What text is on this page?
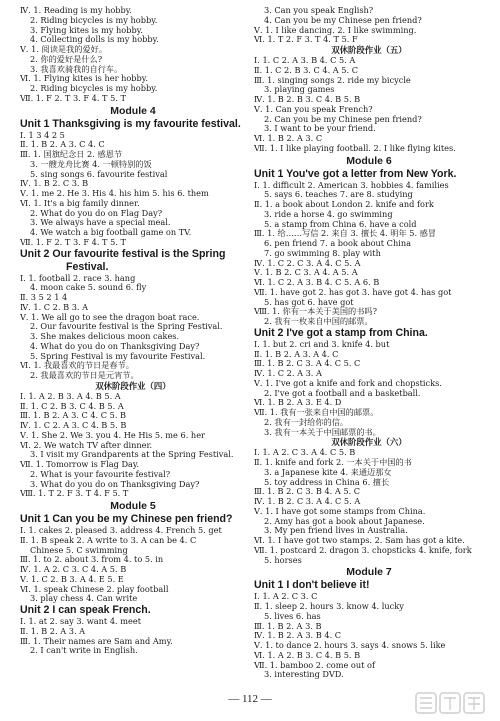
Ⅳ. 1. Reading is my hobby.
2. Riding bicycles is my hobby.
3. Flying kites is my hobby.
4. Collecting dolls is my hobby.
Ⅴ. 1. 阅读是我的爱好。
2. 你的爱好是什么?
3. 我喜欢骑我的自行车。
Ⅵ. 1. Flying kites is her hobby.
2. Riding bicycles is my hobby.
Ⅶ. 1. F 2. T 3. F 4. T 5. T
Module 4
Unit 1 Thanksgiving is my favourite festival.
Ⅰ. 1 3 4 2 5
Ⅱ. 1. B 2. A 3. C 4. C
Ⅲ. 1. 国旗纪念日 2. 感恩节
3. 一艘龙舟比赛 4. 一顿特别的饭
5. sing songs 6. favourite festival
Ⅳ. 1. B 2. C 3. B
Ⅴ. 1. me 2. He 3. His 4. his him 5. his 6. them
Ⅵ. 1. It's a big family dinner.
2. What do you do on Flag Day?
3. We always have a special meal.
4. We watch a big football game on TV.
Ⅶ. 1. F 2. T 3. F 4. T 5. T
Unit 2 Our favourite festival is the Spring
Festival.
Ⅰ. 1. football 2. race 3. hang
4. moon cake 5. sound 6. fly
Ⅱ. 3 5 2 1 4
Ⅳ. 1. C 2. B 3. A
Ⅴ. 1. We all go to see the dragon boat race.
2. Our favourite festival is the Spring Festival.
3. She makes delicious moon cakes.
4. What do you do on Thanksgiving Day?
5. Spring Festival is my favourite Festival.
Ⅵ. 1. 我最喜欢的节日是春节。
2. 我最喜欢的节日是元宵节。
双休阶段作业（四）
Ⅰ. 1. A 2. B 3. A 4. B 5. A
Ⅱ. 1. C 2. B 3. C 4. B 5. A
Ⅲ. 1. B 2. A 3. C 4. C 5. B
Ⅳ. 1. C 2. A 3. C 4. B 5. B
Ⅴ. 1. She 2. We 3. you 4. He His 5. me 6. her
Ⅵ. 2. We watch TV after dinner.
3. I visit my Grandparents at the Spring Festival.
Ⅶ. 1. Tomorrow is Flag Day.
2. What is your favourite festival?
3. What do you do on Thanksgiving Day?
Ⅷ. 1. T 2. F 3. T 4. F 5. T
Module 5
Unit 1 Can you be my Chinese pen friend?
Ⅰ. 1. cakes 2. pleased 3. address 4. French 5. get
Ⅱ. 1. B speak 2. A write to 3. A can be 4. C
Chinese 5. C swimming
Ⅲ. 1. to 2. about 3. from 4. to 5. in
Ⅳ. 1. A 2. C 3. C 4. A 5. B
Ⅴ. 1. C 2. B 3. A 4. E 5. E
Ⅵ. 1. speak Chinese 2. play football
3. play chess 4. Can write
Unit 2 I can speak French.
Ⅰ. 1. at 2. say 3. want 4. meet
Ⅱ. 1. B 2. A 3. A
Ⅲ. 1. Their names are Sam and Amy.
2. I can't write in English.
3. Can you speak English?
4. Can you be my Chinese pen friend?
Ⅴ. 1. I like dancing. 2. I like swimming.
Ⅵ. 1. T 2. F 3. T 4. T 5. F
双休阶段作业（五）
Ⅰ. 1. C 2. A 3. B 4. C 5. A
Ⅱ. 1. C 2. B 3. C 4. A 5. C
Ⅲ. 1. singing songs 2. ride my bicycle
3. playing games
Ⅳ. 1. B 2. B 3. C 4. B 5. B
Ⅴ. 1. Can you speak French?
2. Can you be my Chinese pen friend?
3. I want to be your friend.
Ⅵ. 1. B 2. A 3. C
Ⅶ. 1. I like playing football. 2. I like flying kites.
Module 6
Unit 1 You've got a letter from New York.
Ⅰ. 1. difficult 2. American 3. hobbies 4. families
5. says 6. teaches 7. are 8. studying
Ⅱ. 1. a book about London 2. knife and fork
3. ride a horse 4. go swimming
5. a stamp from China 6. have a cold
Ⅲ. 1. 给……写信 2. 来自 3. 擅长 4. 明年 5. 感冒
6. pen friend 7. a book about China
7. go swimming 8. play with
Ⅳ. 1. C 2. C 3. A 4. C 5. A
Ⅴ. 1. B 2. C 3. A 4. A 5. A
Ⅵ. 1. C 2. A 3. B 4. C 5. A 6. B
Ⅶ. 1. have got 2. has got 3. have got 4. has got
5. has got 6. have got
Ⅷ. 1. 你有一本关于美国的书吗?
2. 我有一枚来自中国的邮票。
Unit 2 I've got a stamp from China.
Ⅰ. 1. but 2. cri and 3. knife 4. but
Ⅱ. 1. B 2. A 3. A 4. C
Ⅲ. 1. B 2. C 3. A 4. C 5. C
Ⅳ. 1. C 2. A 3. A
Ⅴ. 1. I've got a knife and fork and chopsticks.
2. I've got a football and a basketball.
Ⅵ. 1. B 2. A 3. E 4. D
Ⅶ. 1. 我有一张来自中国的邮票。
2. 我有一封给你的信。
3. 我有一本关于中国邮票的书。
双休阶段作业（六）
Ⅰ. 1. A 2. C 3. A 4. C 5. B
Ⅱ. 1. knife and fork 2. 一本关于中国的书
3. a Japanese kite 4. 来通迈那女
5. toy address in China 6. 擅长
Ⅲ. 1. B 2. C 3. B 4. A 5. C
Ⅳ. 1. B 2. C 3. A 4. C 5. A
Ⅴ. 1. I have got some stamps from China.
2. Amy has got a book about Japanese.
3. My pen friend lives in Australia.
Ⅵ. 1. I have got two stamps. 2. Sam has got a kite.
Ⅶ. 1. postcard 2. dragon 3. chopsticks 4. knife, fork
5. horses
Module 7
Unit 1 I don't believe it!
Ⅰ. 1. A 2. C 3. C
Ⅱ. 1. sleep 2. hours 3. know 4. lucky
5. lives 6. has
Ⅲ. 1. B 2. A 3. B
Ⅳ. 1. B 2. A 3. B 4. C
Ⅴ. 1. to dance 2. hours 3. says 4. snows 5. like
Ⅵ. 1. A 2. B 3. C 4. B 5. B
Ⅶ. 1. bamboo 2. come out of
3. interesting DVD.
— 112 —
